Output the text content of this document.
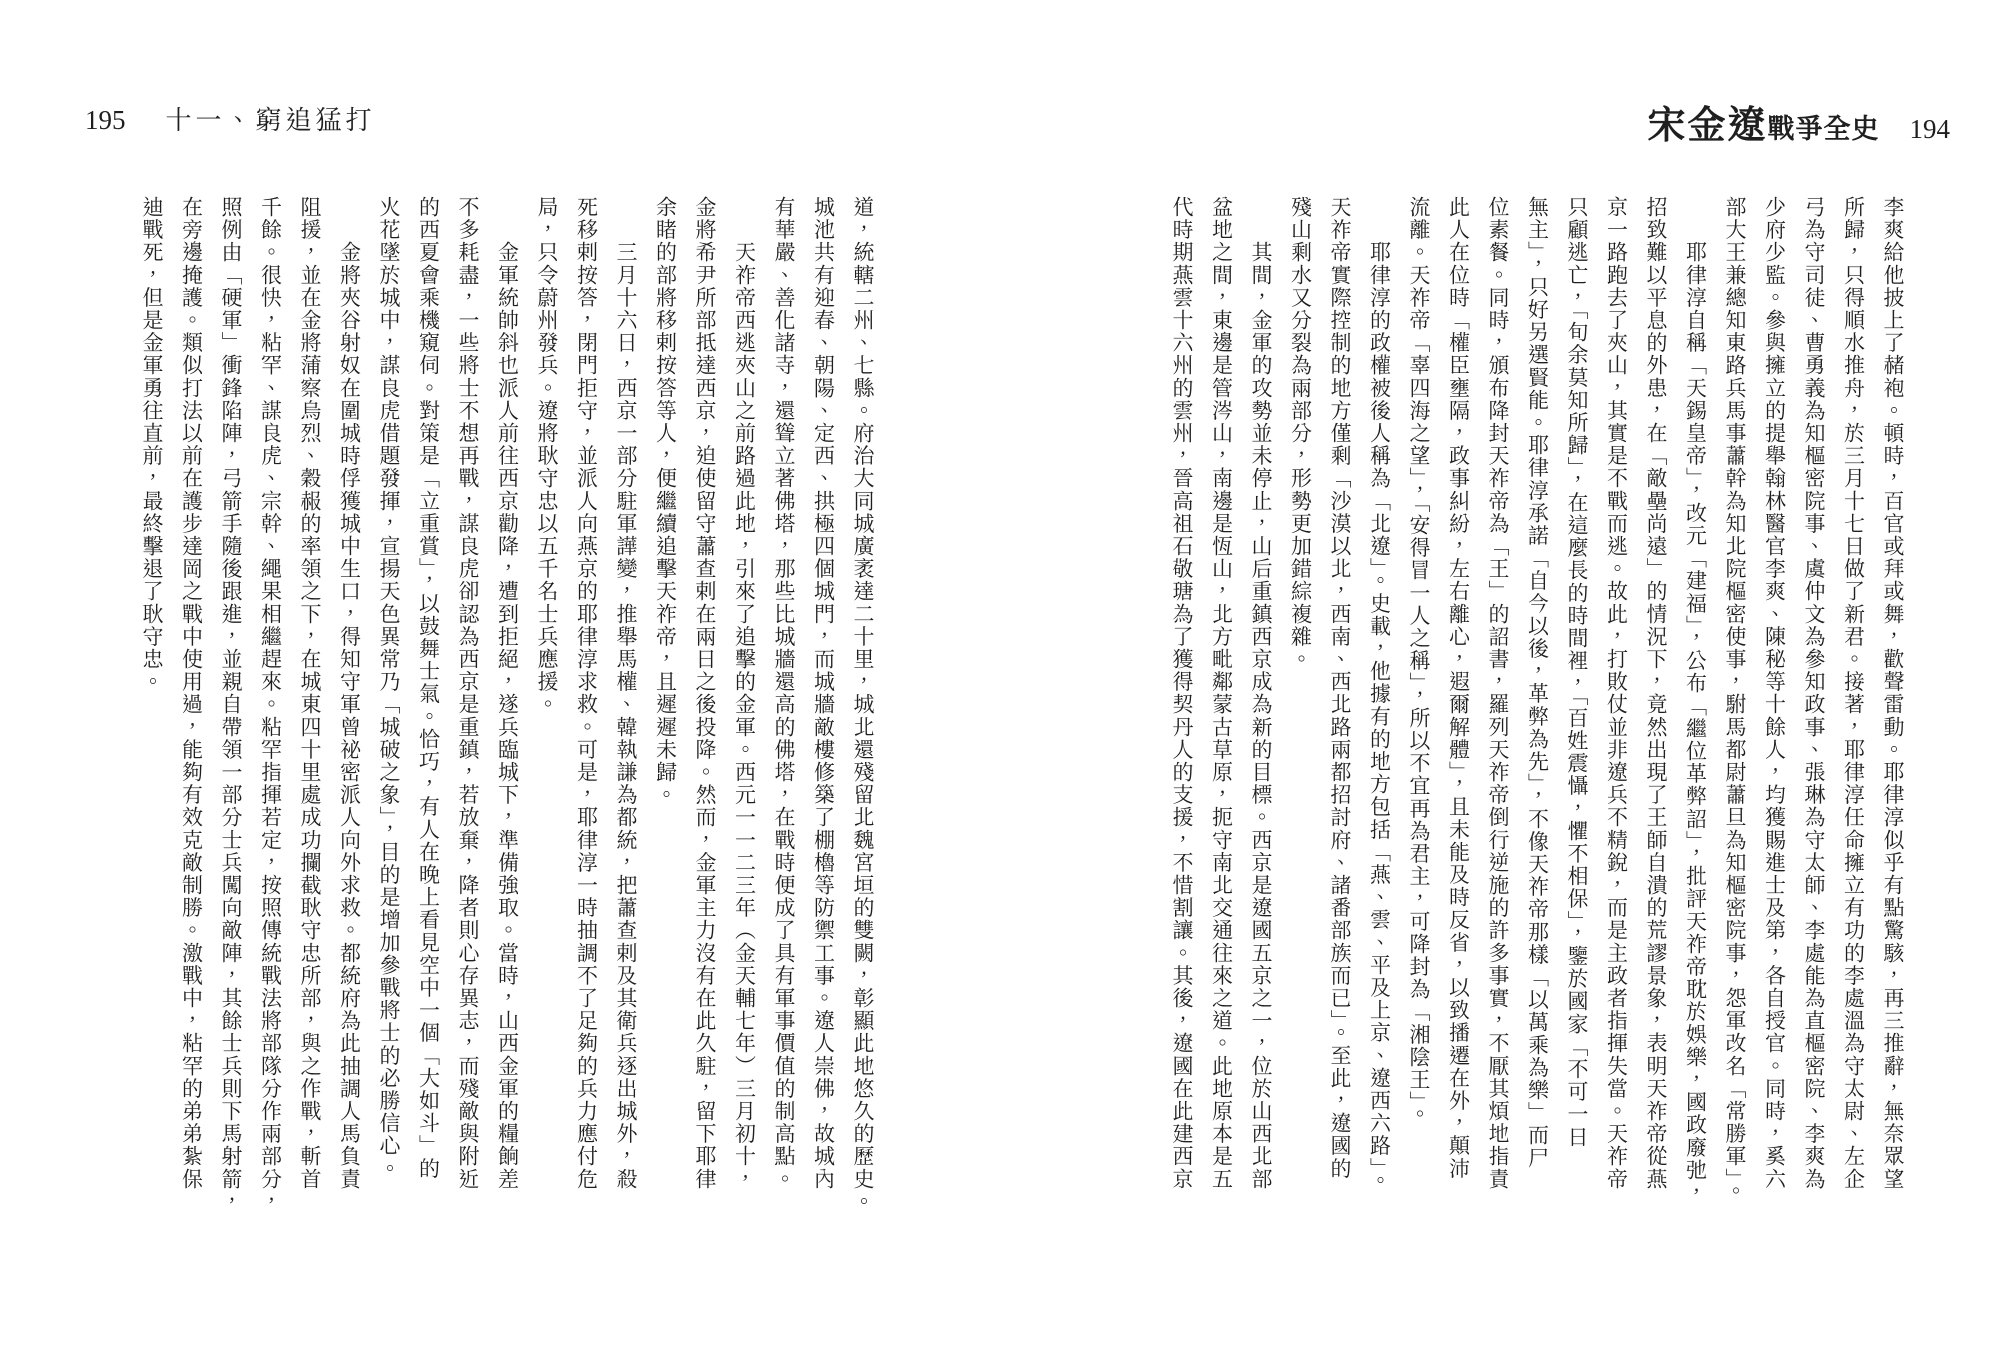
195 十一、窮追猛打

道，統轄二州、七縣。府治大同城廣袤達二十里，城北還殘留北魏宮垣的雙闕，彰顯此地悠久的歷史。

城池共有迎春、朝陽、定西、拱極四個城門，而城牆敵樓修築了棚櫓等防禦工事。遼人崇佛，故城內

有華嚴、善化諸寺，還聳立著佛塔，那些比城牆還高的佛塔，在戰時便成了具有軍事價值的制高點。

　　天祚帝西逃夾山之前路過此地，引來了追擊的金軍。西元一一二三年（金天輔七年）三月初十，

金將希尹所部抵達西京，迫使留守蕭查剌在兩日之後投降。然而，金軍主力沒有在此久駐，留下耶律

余睹的部將移剌按答等人，便繼續追擊天祚帝，且遲遲未歸。

　　三月十六日，西京一部分駐軍譁變，推舉馬權、韓執謙為都統，把蕭查剌及其衛兵逐出城外，殺

死移剌按答，閉門拒守，並派人向燕京的耶律淳求救。可是，耶律淳一時抽調不了足夠的兵力應付危

局，只令蔚州發兵。遼將耿守忠以五千名士兵應援。

　　金軍統帥斜也派人前往西京勸降，遭到拒絕，遂兵臨城下，準備強取。當時，山西金軍的糧餉差

不多耗盡，一些將士不想再戰，謀良虎卻認為西京是重鎮，若放棄，降者則心存異志，而殘敵與附近

的西夏會乘機窺伺。對策是「立重賞」，以鼓舞士氣。恰巧，有人在晚上看見空中一個「大如斗」的

火花墜於城中，謀良虎借題發揮，宣揚天色異常乃「城破之象」，目的是增加參戰將士的必勝信心。

　　金將夾谷射奴在圍城時俘獲城中生口，得知守軍曾祕密派人向外求救。都統府為此抽調人馬負責

阻援，並在金將蒲察烏烈、穀赧的率領之下，在城東四十里處成功攔截耿守忠所部，與之作戰，斬首

千餘。很快，粘罕、謀良虎、宗幹、繩果相繼趕來。粘罕指揮若定，按照傳統戰法將部隊分作兩部分，

照例由「硬軍」衝鋒陷陣，弓箭手隨後跟進，並親自帶領一部分士兵闖向敵陣，其餘士兵則下馬射箭，

在旁邊掩護。類似打法以前在護步達岡之戰中使用過，能夠有效克敵制勝。激戰中，粘罕的弟弟紮保

迪戰死，但是金軍勇往直前，最終擊退了耿守忠。

宋金遼 戰爭全史 194

李爽給他披上了赭袍。頓時，百官或拜或舞，歡聲雷動。耶律淳似乎有點驚駭，再三推辭，無奈眾望

所歸，只得順水推舟，於三月十七日做了新君。接著，耶律淳任命擁立有功的李處溫為守太尉、左企

弓為守司徒、曹勇義為知樞密院事、虞仲文為參知政事、張琳為守太師、李處能為直樞密院、李爽為

少府少監。參與擁立的提舉翰林醫官李爽、陳秘等十餘人，均獲賜進士及第，各自授官。同時，奚六

部大王兼總知東路兵馬事蕭幹為知北院樞密使事，駙馬都尉蕭旦為知樞密院事，怨軍改名「常勝軍」。

　　耶律淳自稱「天錫皇帝」，改元「建福」，公布「繼位革弊詔」，批評天祚帝耽於娛樂，國政廢弛，

招致難以平息的外患，在「敵壘尚遠」的情況下，竟然出現了王師自潰的荒謬景象，表明天祚帝從燕

京一路跑去了夾山，其實是不戰而逃。故此，打敗仗並非遼兵不精銳，而是主政者指揮失當。天祚帝

只顧逃亡，「旬余莫知所歸」，在這麼長的時間裡，「百姓震懾，懼不相保」，鑒於國家「不可一日

無主」，只好另選賢能。耶律淳承諾「自今以後，革弊為先」，不像天祚帝那樣「以萬乘為樂」而尸

位素餐。同時，頒布降封天祚帝為「王」的詔書，羅列天祚帝倒行逆施的許多事實，不厭其煩地指責

此人在位時「權臣壅隔，政事糾紛，左右離心，遐爾解體」，且未能及時反省，以致播遷在外，顛沛

流離。天祚帝「辜四海之望」，「安得冒一人之稱」，所以不宜再為君主，可降封為「湘陰王」。

　　耶律淳的政權被後人稱為「北遼」。史載，他據有的地方包括「燕、雲、平及上京、遼西六路」。

天祚帝實際控制的地方僅剩「沙漠以北，西南、西北路兩都招討府、諸番部族而已」。至此，遼國的

殘山剩水又分裂為兩部分，形勢更加錯綜複雜。

　　其間，金軍的攻勢並未停止，山后重鎮西京成為新的目標。西京是遼國五京之一，位於山西北部

盆地之間，東邊是管涔山，南邊是恆山，北方毗鄰蒙古草原，扼守南北交通往來之道。此地原本是五

代時期燕雲十六州的雲州，晉高祖石敬瑭為了獲得契丹人的支援，不惜割讓。其後，遼國在此建西京
